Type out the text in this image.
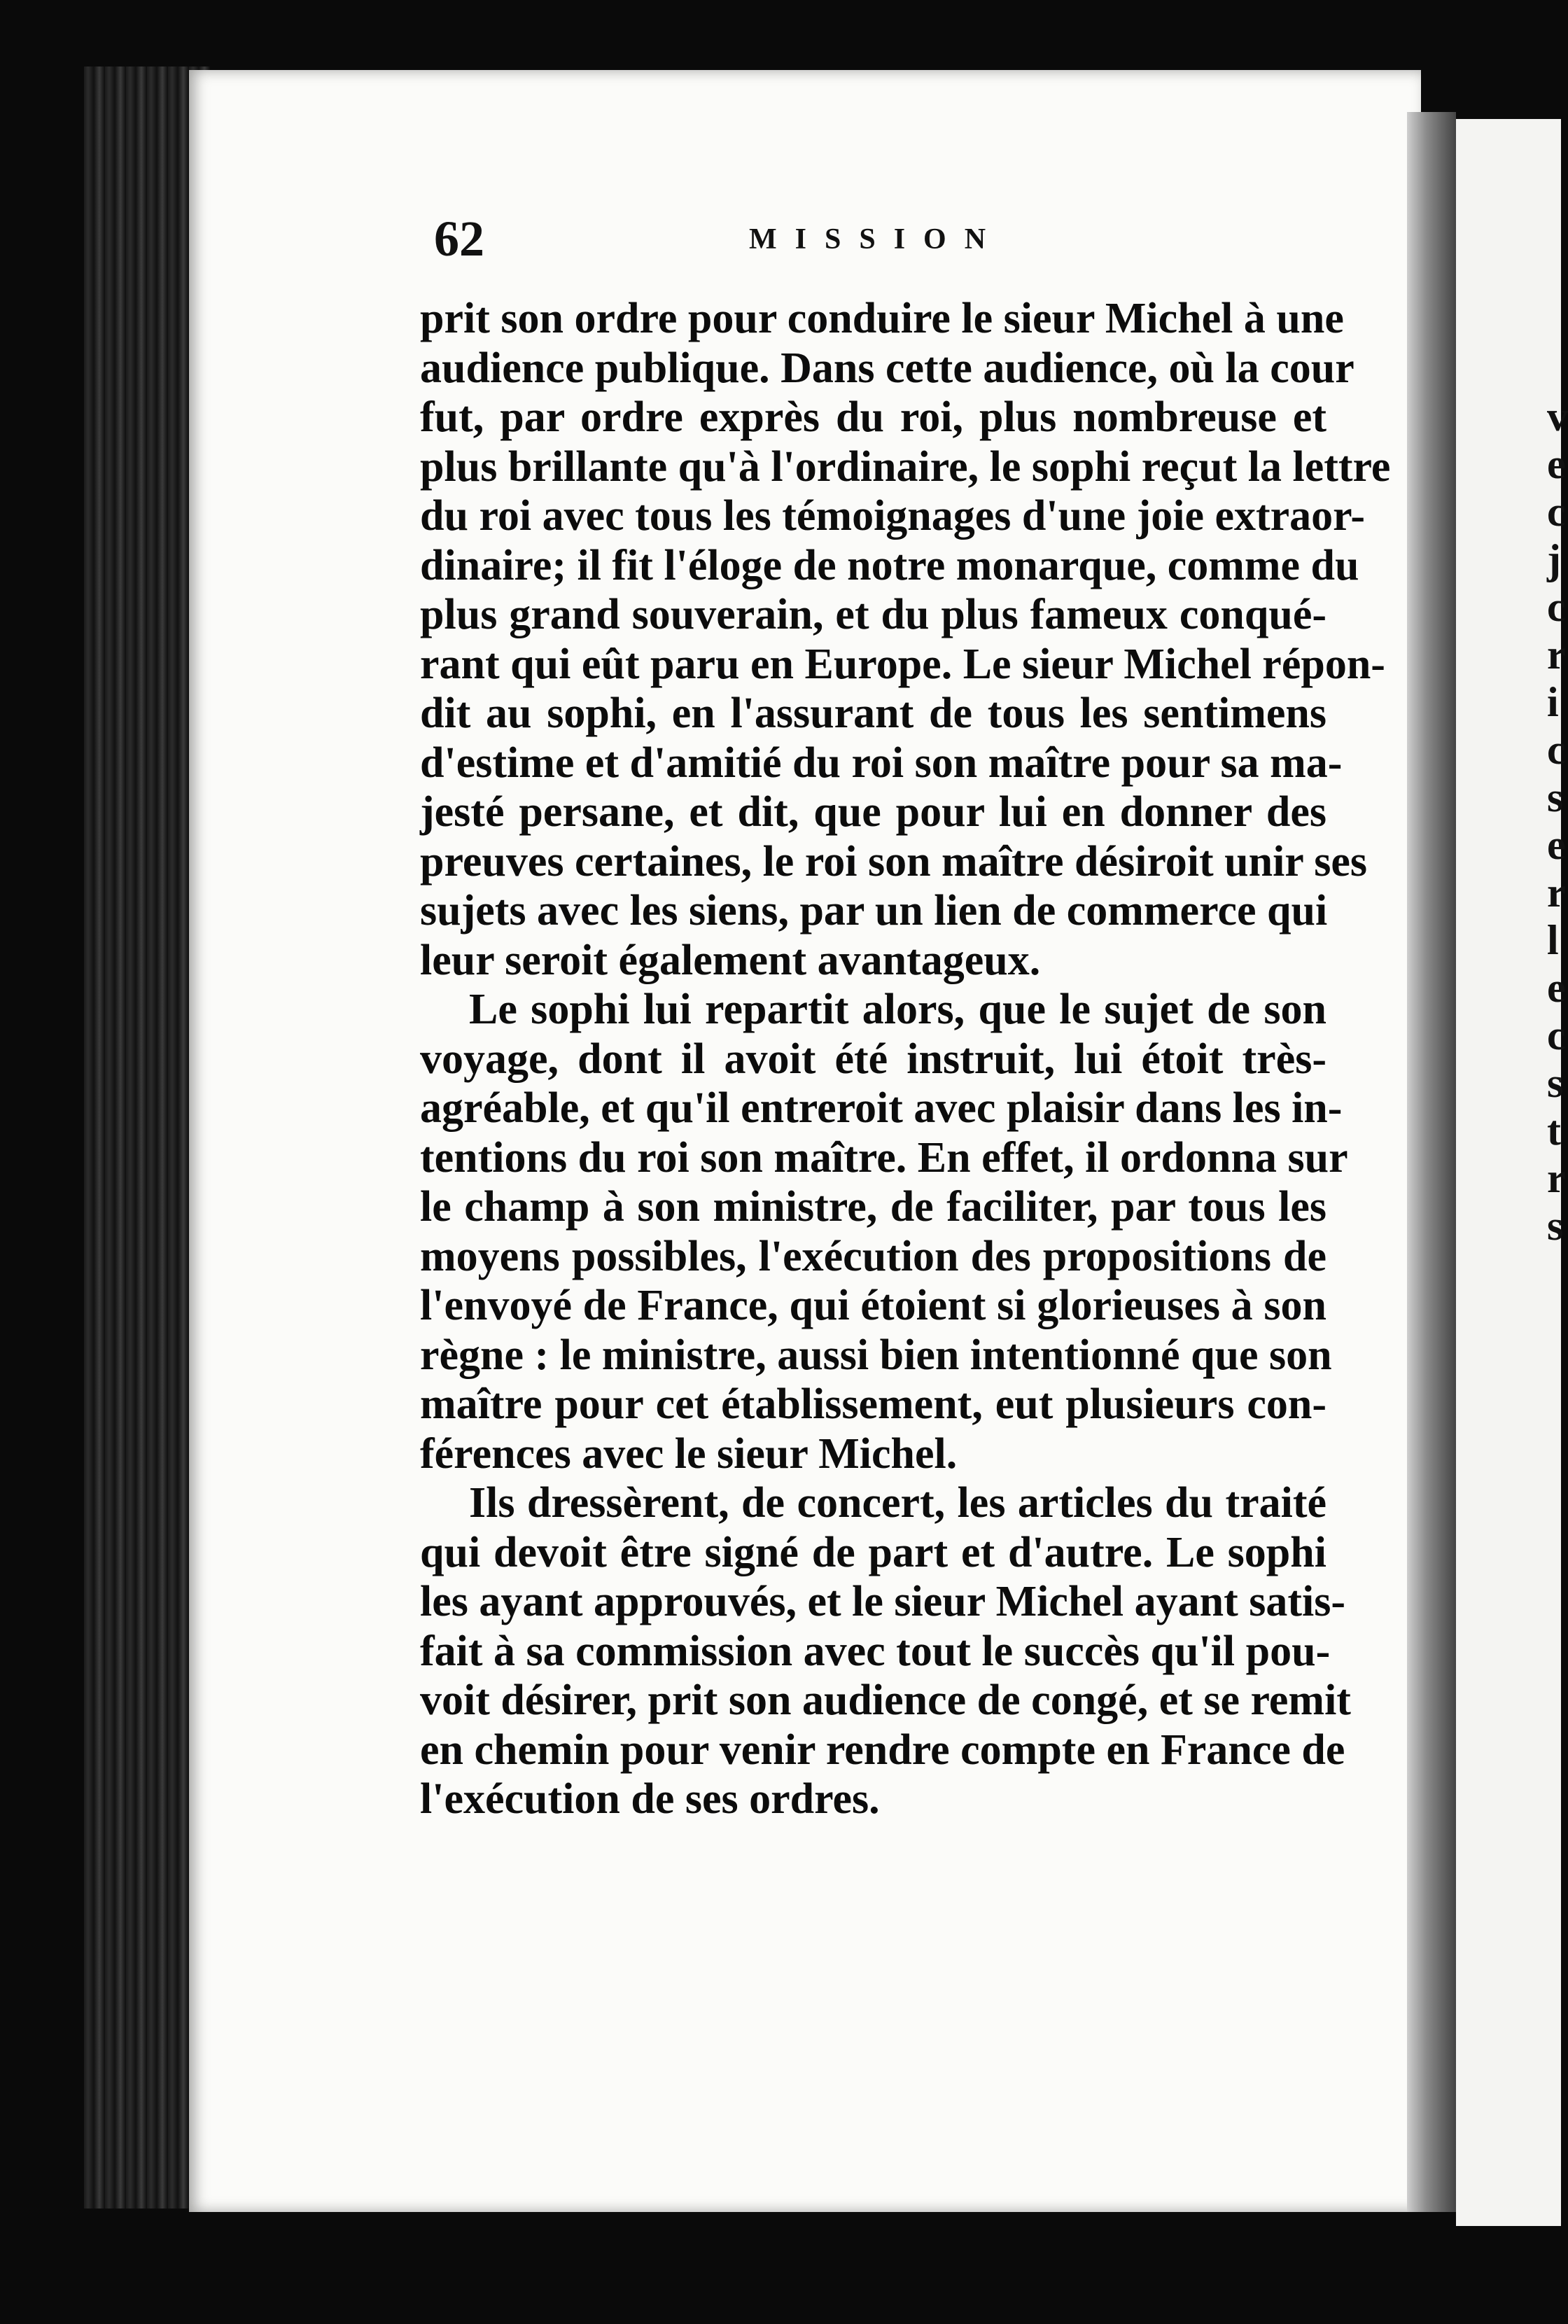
v
e
c
j
c
r
i
c
s
e
r
l
e
c
s
t
r
s
62	MISSION
prit son ordre pour conduire le sieur Michel à une
audience publique. Dans cette audience, où la cour
fut, par ordre exprès du roi, plus nombreuse et
plus brillante qu'à l'ordinaire, le sophi reçut la lettre
du roi avec tous les témoignages d'une joie extraor-
dinaire; il fit l'éloge de notre monarque, comme du
plus grand souverain, et du plus fameux conqué-
rant qui eût paru en Europe. Le sieur Michel répon-
dit au sophi, en l'assurant de tous les sentimens
d'estime et d'amitié du roi son maître pour sa ma-
jesté persane, et dit, que pour lui en donner des
preuves certaines, le roi son maître désiroit unir ses
sujets avec les siens, par un lien de commerce qui
leur seroit également avantageux.
Le sophi lui repartit alors, que le sujet de son
voyage, dont il avoit été instruit, lui étoit très-
agréable, et qu'il entreroit avec plaisir dans les in-
tentions du roi son maître. En effet, il ordonna sur
le champ à son ministre, de faciliter, par tous les
moyens possibles, l'exécution des propositions de
l'envoyé de France, qui étoient si glorieuses à son
règne : le ministre, aussi bien intentionné que son
maître pour cet établissement, eut plusieurs con-
férences avec le sieur Michel.
Ils dressèrent, de concert, les articles du traité
qui devoit être signé de part et d'autre. Le sophi
les ayant approuvés, et le sieur Michel ayant satis-
fait à sa commission avec tout le succès qu'il pou-
voit désirer, prit son audience de congé, et se remit
en chemin pour venir rendre compte en France de
l'exécution de ses ordres.
